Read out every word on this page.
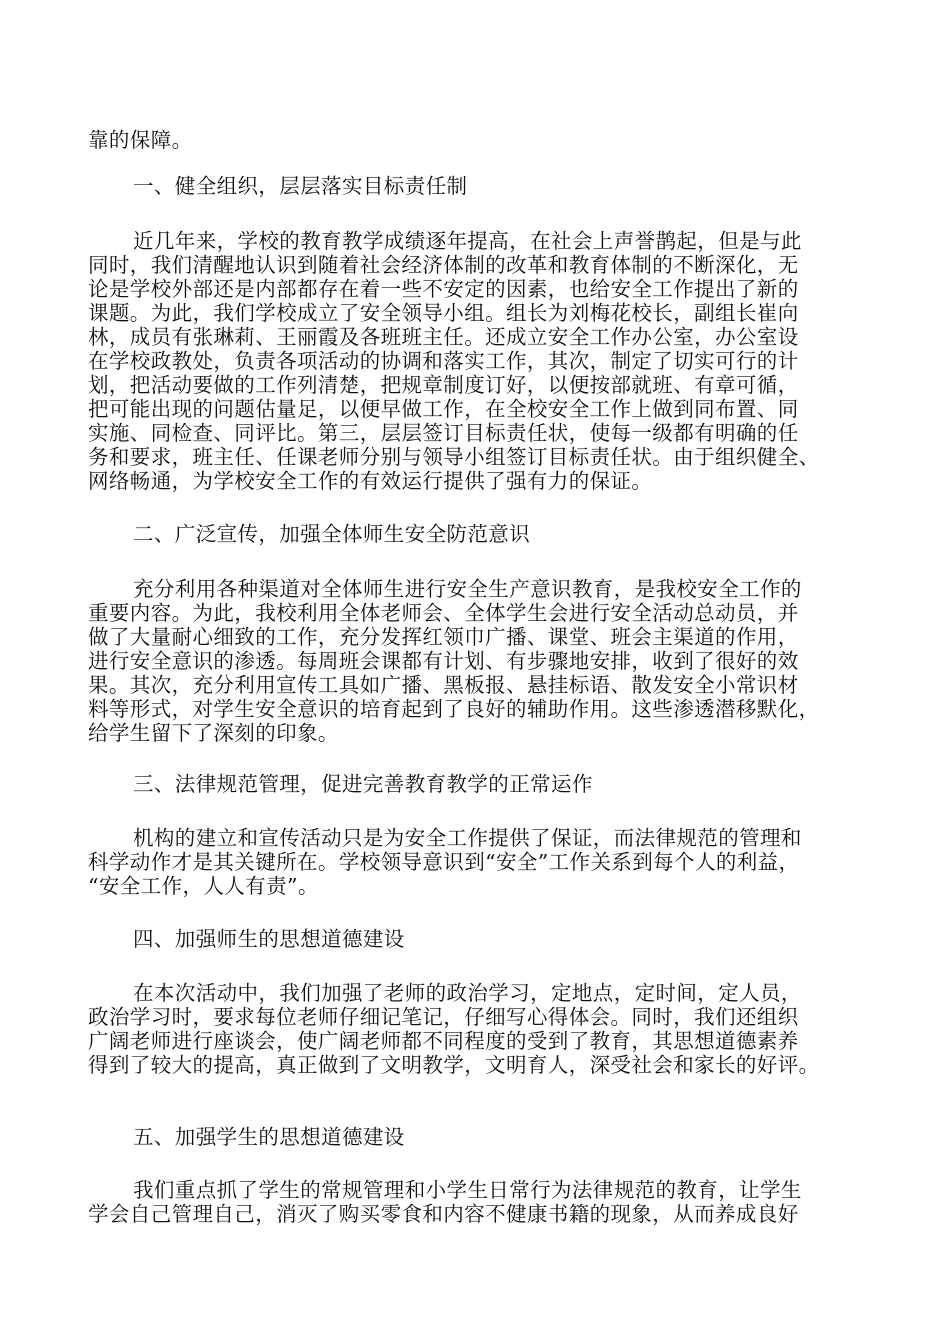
靠的保障。
一、健全组织，层层落实目标责任制
近几年来，学校的教育教学成绩逐年提高，在社会上声誉鹊起，但是与此
同时，我们清醒地认识到随着社会经济体制的改革和教育体制的不断深化，无
论是学校外部还是内部都存在着一些不安定的因素，也给安全工作提出了新的
课题。为此，我们学校成立了安全领导小组。组长为刘梅花校长，副组长崔向
林，成员有张琳莉、王丽霞及各班班主任。还成立安全工作办公室，办公室设
在学校政教处，负责各项活动的协调和落实工作，其次，制定了切实可行的计
划，把活动要做的工作列清楚，把规章制度订好，以便按部就班、有章可循，
把可能出现的问题估量足，以便早做工作，在全校安全工作上做到同布置、同
实施、同检查、同评比。第三，层层签订目标责任状，使每一级都有明确的任
务和要求，班主任、任课老师分别与领导小组签订目标责任状。由于组织健全、
网络畅通，为学校安全工作的有效运行提供了强有力的保证。
二、广泛宣传，加强全体师生安全防范意识
充分利用各种渠道对全体师生进行安全生产意识教育，是我校安全工作的
重要内容。为此，我校利用全体老师会、全体学生会进行安全活动总动员，并
做了大量耐心细致的工作，充分发挥红领巾广播、课堂、班会主渠道的作用，
进行安全意识的渗透。每周班会课都有计划、有步骤地安排，收到了很好的效
果。其次，充分利用宣传工具如广播、黑板报、悬挂标语、散发安全小常识材
料等形式，对学生安全意识的培育起到了良好的辅助作用。这些渗透潜移默化，
给学生留下了深刻的印象。
三、法律规范管理，促进完善教育教学的正常运作
机构的建立和宣传活动只是为安全工作提供了保证，而法律规范的管理和
科学动作才是其关键所在。学校领导意识到“安全”工作关系到每个人的利益，
“安全工作，人人有责”。
四、加强师生的思想道德建设
在本次活动中，我们加强了老师的政治学习，定地点，定时间，定人员，
政治学习时，要求每位老师仔细记笔记，仔细写心得体会。同时，我们还组织
广阔老师进行座谈会，使广阔老师都不同程度的受到了教育，其思想道德素养
得到了较大的提高，真正做到了文明教学，文明育人，深受社会和家长的好评。
五、加强学生的思想道德建设
我们重点抓了学生的常规管理和小学生日常行为法律规范的教育，让学生
学会自己管理自己，消灭了购买零食和内容不健康书籍的现象，从而养成良好
